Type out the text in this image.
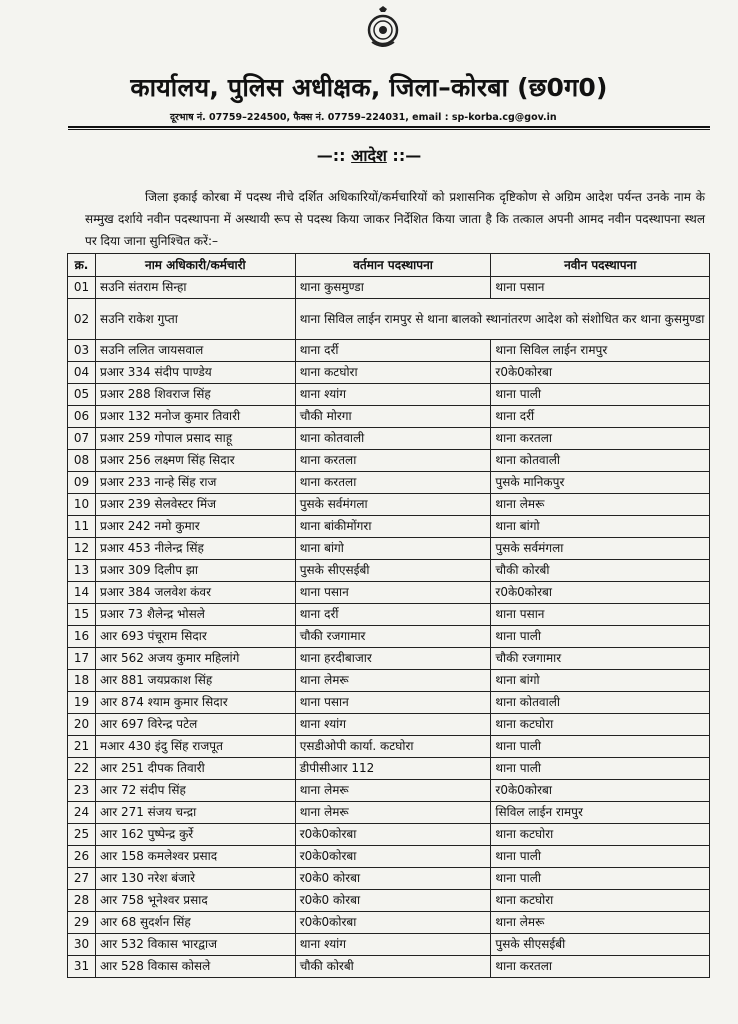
कार्यालय, पुलिस अधीक्षक, जिला–कोरबा (छ0ग0)
दूरभाष नं. 07759–224500, फैक्स नं. 07759–224031, email : sp-korba.cg@gov.in
—:: आदेश ::—
जिला इकाई कोरबा में पदस्थ नीचे दर्शित अधिकारियों/कर्मचारियों को प्रशासनिक दृष्टिकोण से अग्रिम आदेश पर्यन्त उनके नाम के सम्मुख दर्शाये नवीन पदस्थापना में अस्थायी रूप से पदस्थ किया जाकर निर्देशित किया जाता है कि तत्काल अपनी आमद नवीन पदस्थापना स्थल पर दिया जाना सुनिश्चित करें:–
क्र.	नाम अधिकारी/कर्मचारी	वर्तमान पदस्थापना	नवीन पदस्थापना
01	सउनि संतराम सिन्हा	थाना कुसमुण्डा	थाना पसान
02	सउनि राकेश गुप्ता	थाना सिविल लाईन रामपुर से थाना बालको स्थानांतरण आदेश को संशोधित कर थाना कुसमुण्डा	
03	सउनि ललित जायसवाल	थाना दर्री	थाना सिविल लाईन रामपुर
04	प्रआर 334 संदीप पाण्डेय	थाना कटघोरा	र0के0कोरबा
05	प्रआर 288 शिवराज सिंह	थाना श्यांग	थाना पाली
06	प्रआर 132 मनोज कुमार तिवारी	चौकी मोरगा	थाना दर्री
07	प्रआर 259 गोपाल प्रसाद साहू	थाना कोतवाली	थाना करतला
08	प्रआर 256 लक्ष्मण सिंह सिदार	थाना करतला	थाना कोतवाली
09	प्रआर 233 नान्हे सिंह राज	थाना करतला	पुसके मानिकपुर
10	प्रआर 239 सेलवेस्टर मिंज	पुसके सर्वमंगला	थाना लेमरू
11	प्रआर 242 नमो कुमार	थाना बांकीमोंगरा	थाना बांगो
12	प्रआर 453 नीलेन्द्र सिंह	थाना बांगो	पुसके सर्वमंगला
13	प्रआर 309 दिलीप झा	पुसके सीएसईबी	चौकी कोरबी
14	प्रआर 384 जलवेश कंवर	थाना पसान	र0के0कोरबा
15	प्रआर 73 शैलेन्द्र भोसले	थाना दर्री	थाना पसान
16	आर 693 पंचूराम सिदार	चौकी रजगामार	थाना पाली
17	आर 562 अजय कुमार महिलांगे	थाना हरदीबाजार	चौकी रजगामार
18	आर 881 जयप्रकाश सिंह	थाना लेमरू	थाना बांगो
19	आर 874 श्याम कुमार सिदार	थाना पसान	थाना कोतवाली
20	आर 697 विरेन्द्र पटेल	थाना श्यांग	थाना कटघोरा
21	मआर 430 इंदु सिंह राजपूत	एसडीओपी कार्या. कटघोरा	थाना पाली
22	आर 251 दीपक तिवारी	डीपीसीआर 112	थाना पाली
23	आर 72 संदीप सिंह	थाना लेमरू	र0के0कोरबा
24	आर 271 संजय चन्द्रा	थाना लेमरू	सिविल लाईन रामपुर
25	आर 162 पुष्पेन्द्र कुर्रे	र0के0कोरबा	थाना कटघोरा
26	आर 158 कमलेश्वर प्रसाद	र0के0कोरबा	थाना पाली
27	आर 130 नरेश बंजारे	र0के0 कोरबा	थाना पाली
28	आर 758 भूनेश्वर प्रसाद	र0के0 कोरबा	थाना कटघोरा
29	आर 68 सुदर्शन सिंह	र0के0कोरबा	थाना लेमरू
30	आर 532 विकास भारद्वाज	थाना श्यांग	पुसके सीएसईबी
31	आर 528 विकास कोसले	चौकी कोरबी	थाना करतला
